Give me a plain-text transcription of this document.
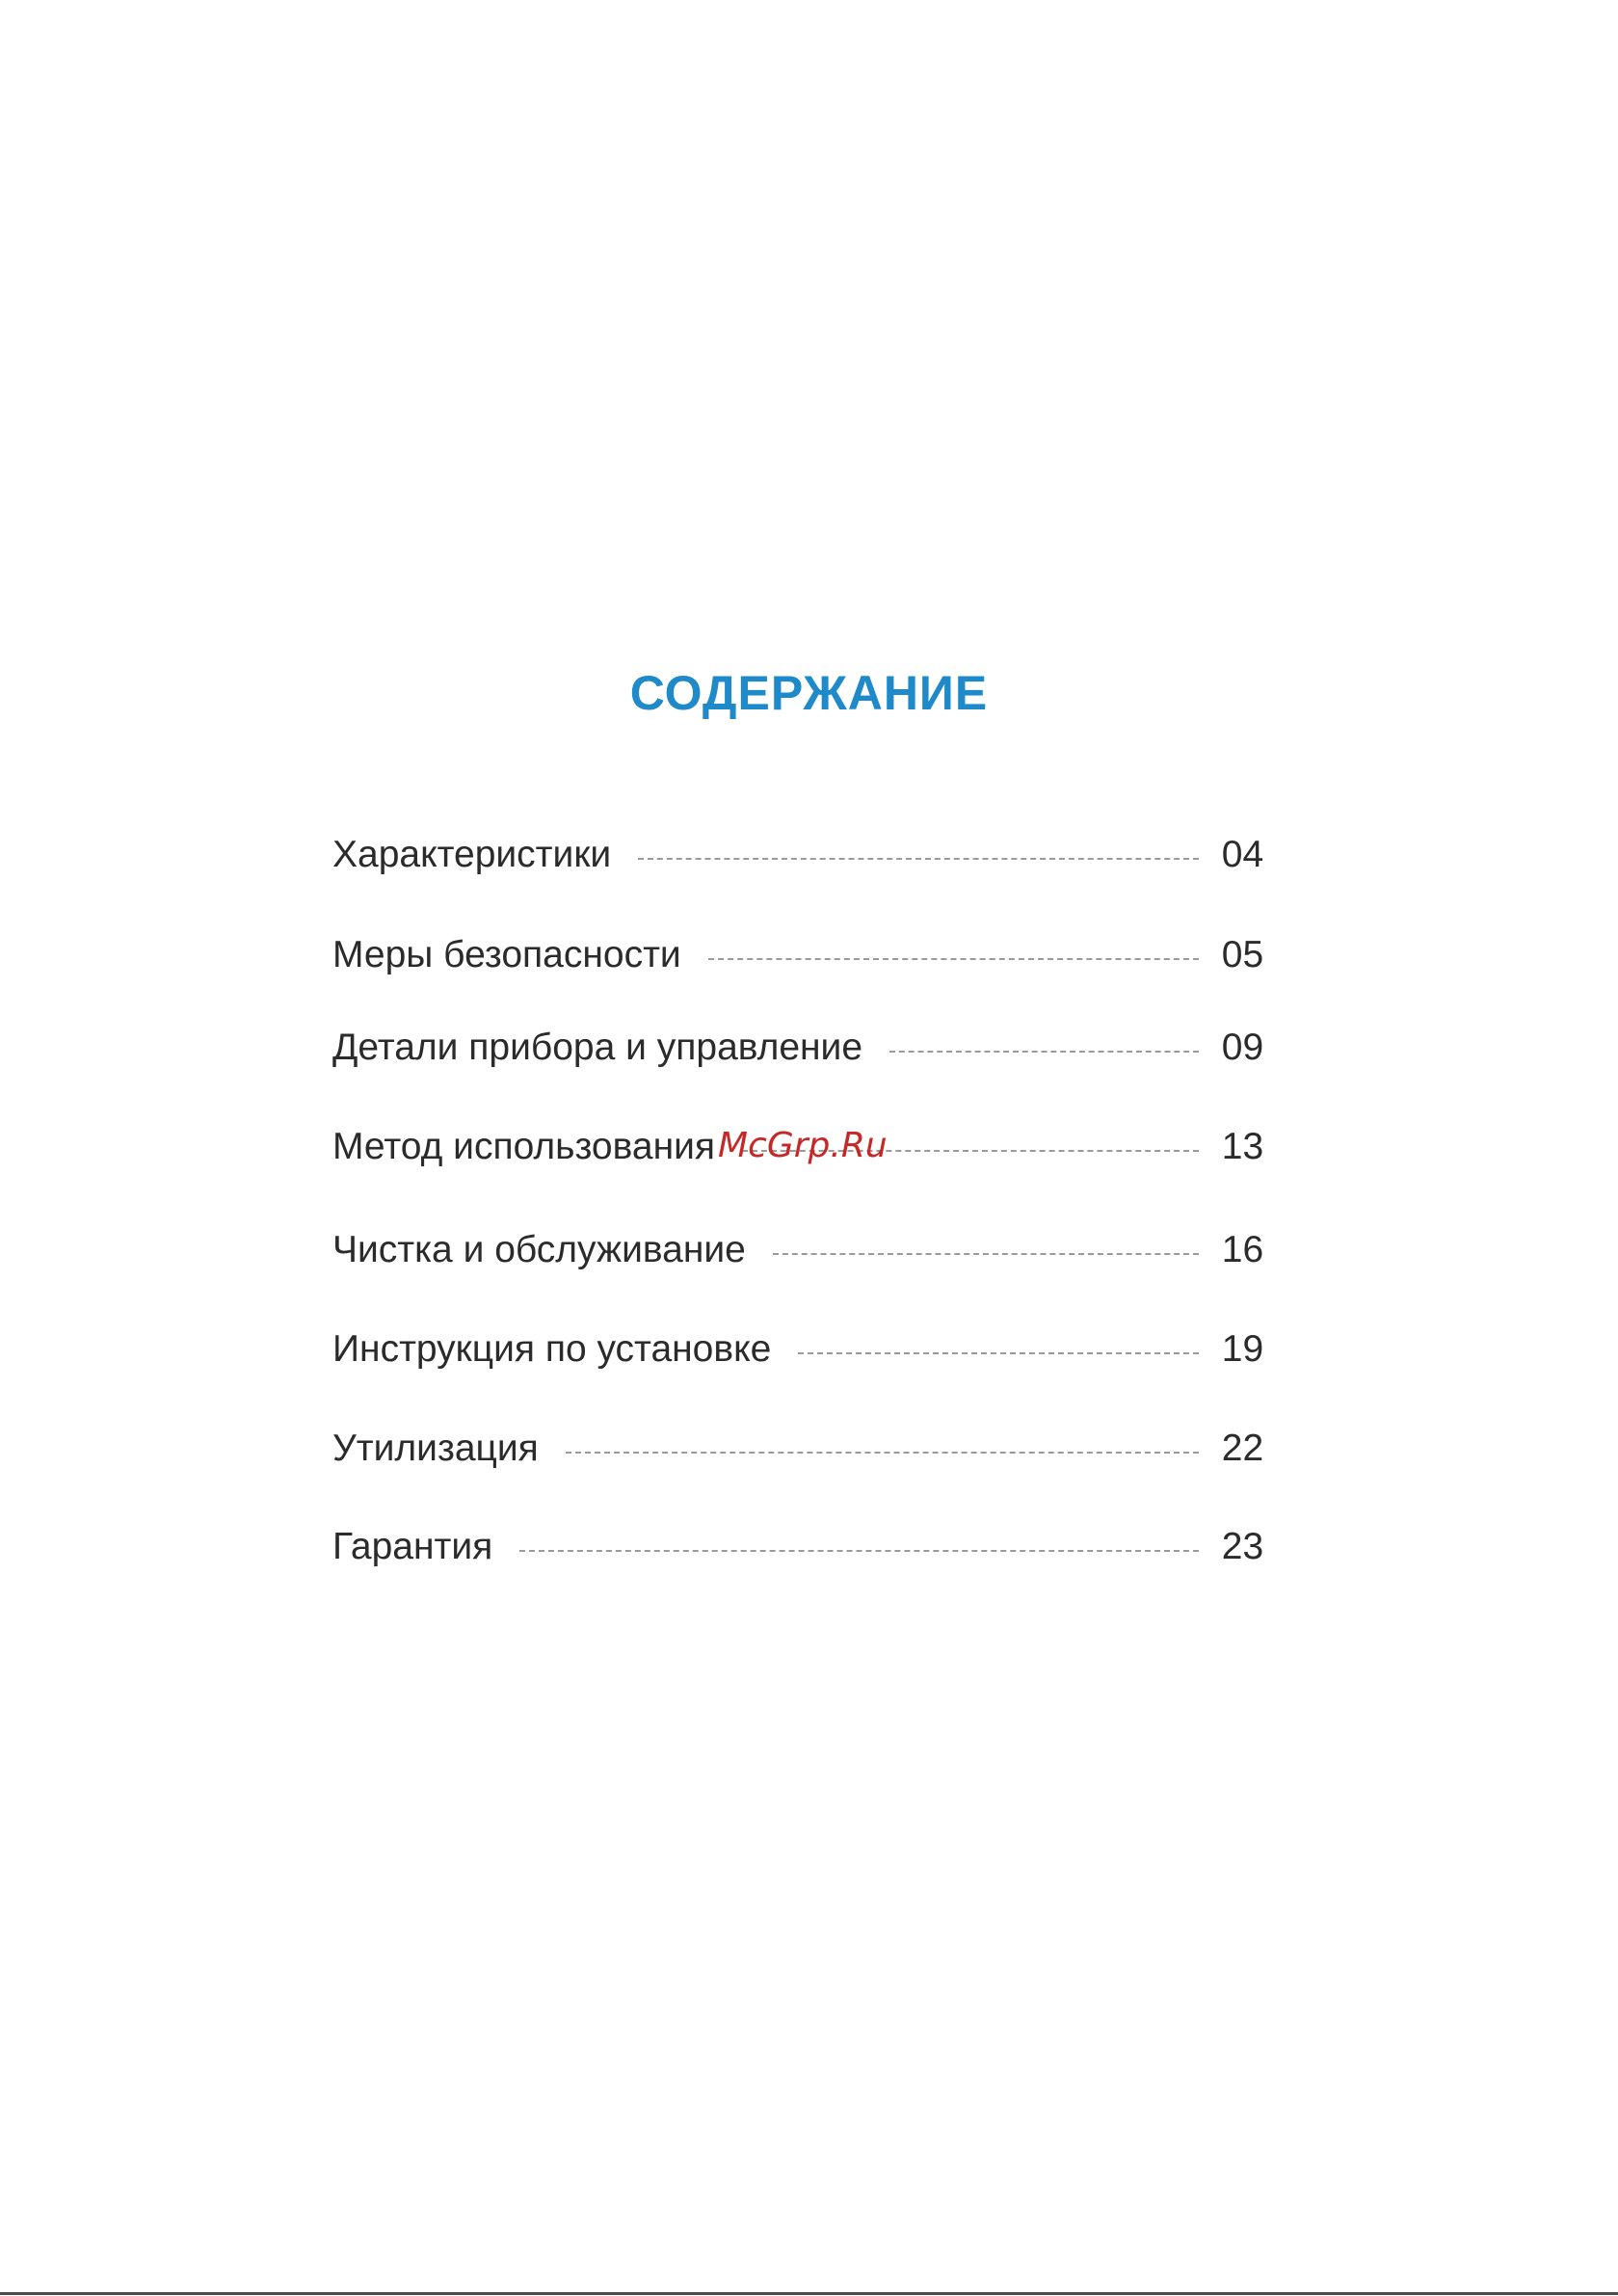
СОДЕРЖАНИЕ
Характеристики	04
Меры безопасности	05
Детали прибора и управление	09
Метод использования	13
Чистка и обслуживание	16
Инструкция по установке	19
Утилизация	22
Гарантия	23
McGrp.Ru
